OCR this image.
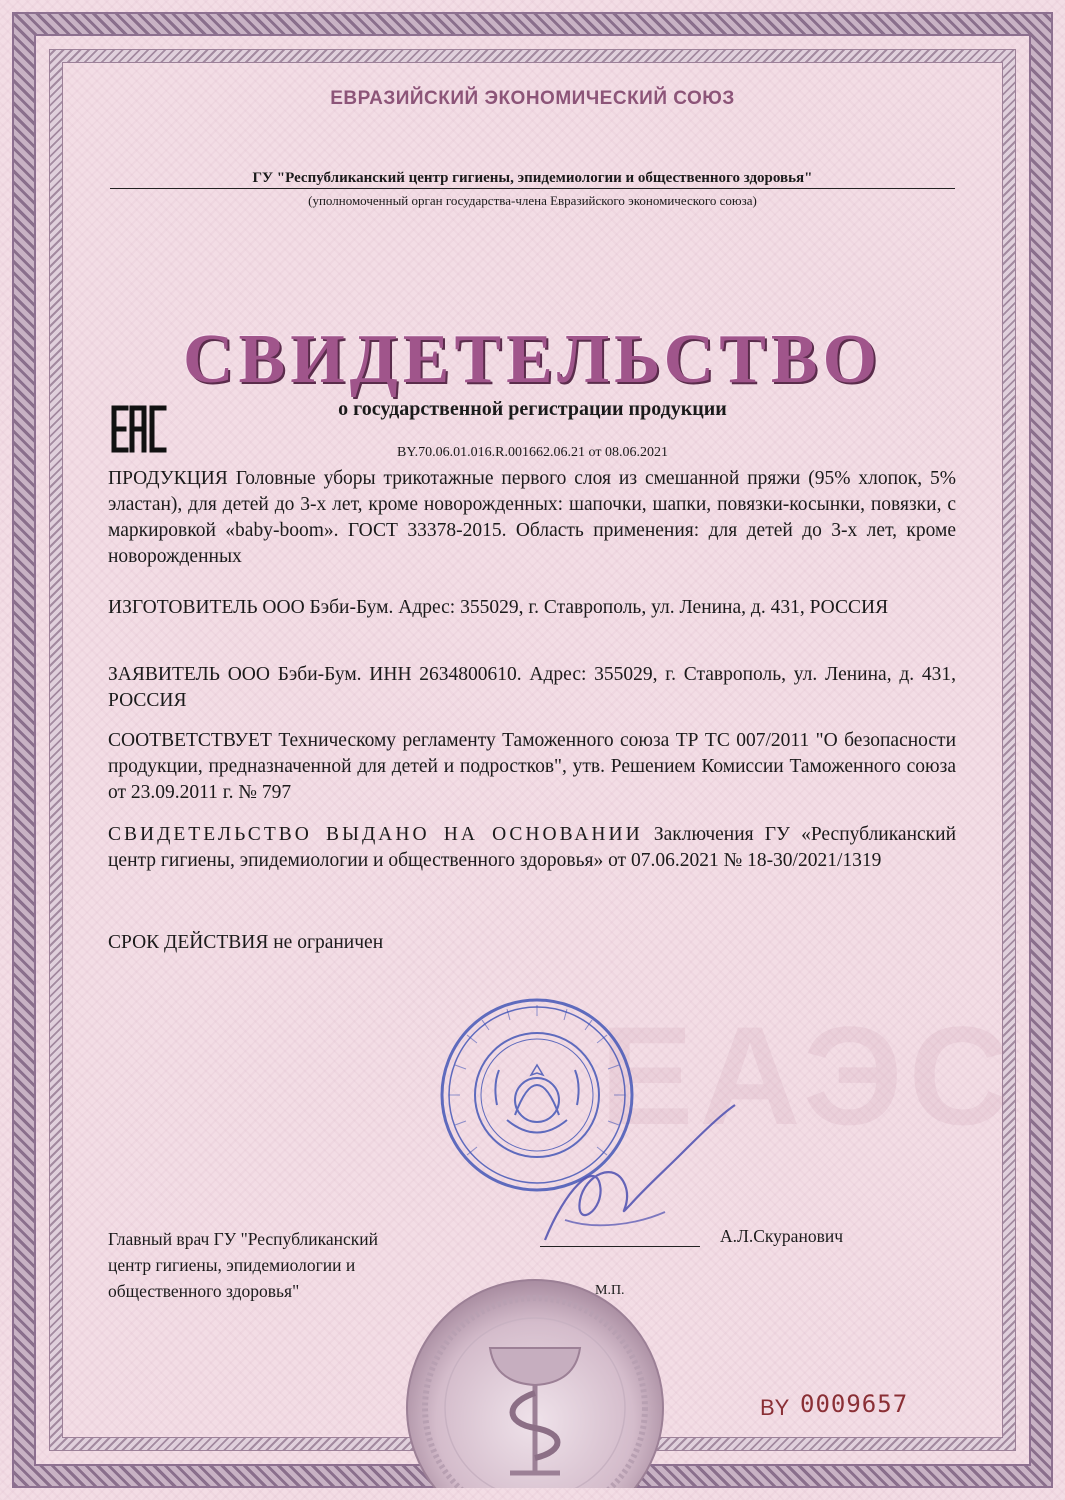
ЕАЭС
ЕВРАЗИЙСКИЙ ЭКОНОМИЧЕСКИЙ СОЮЗ
ГУ "Республиканский центр гигиены, эпидемиологии и общественного здоровья"
(уполномоченный орган государства-члена Евразийского экономического союза)
СВИДЕТЕЛЬСТВО
о государственной регистрации продукции
BY.70.06.01.016.R.001662.06.21 от 08.06.2021
ПРОДУКЦИЯ Головные уборы трикотажные первого слоя из смешанной пряжи (95% хлопок, 5% эластан), для детей до 3-х лет, кроме новорожденных: шапочки, шапки, повязки-косынки, повязки, с маркировкой «baby-boom». ГОСТ 33378-2015. Область применения: для детей до 3-х лет, кроме новорожденных
ИЗГОТОВИТЕЛЬ ООО Бэби-Бум. Адрес: 355029, г. Ставрополь, ул. Ленина, д. 431, РОССИЯ
ЗАЯВИТЕЛЬ ООО Бэби-Бум. ИНН 2634800610. Адрес: 355029, г. Ставрополь, ул. Ленина, д. 431, РОССИЯ
СООТВЕТСТВУЕТ Техническому регламенту Таможенного союза ТР ТС 007/2011 "О безопасности продукции, предназначенной для детей и подростков", утв. Решением Комиссии Таможенного союза от 23.09.2011 г. № 797
СВИДЕТЕЛЬСТВО ВЫДАНО НА ОСНОВАНИИ Заключения ГУ «Республиканский центр гигиены, эпидемиологии и общественного здоровья» от 07.06.2021 № 18-30/2021/1319
СРОК ДЕЙСТВИЯ не ограничен
Главный врач ГУ "Республиканский
центр гигиены, эпидемиологии и
общественного здоровья"
А.Л.Скуранович
М.П.
BY 0009657
